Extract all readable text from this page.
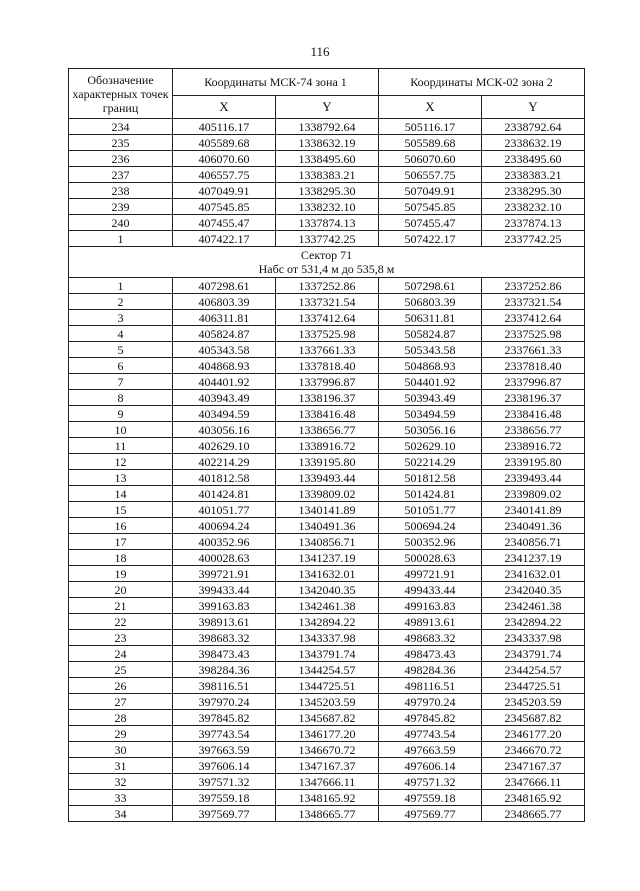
116
Обозначение характерных точек границ	Координаты МСК-74 зона 1		Координаты МСК-02 зона 2	
	X	Y	X	Y
234	405116.17	1338792.64	505116.17	2338792.64
235	405589.68	1338632.19	505589.68	2338632.19
236	406070.60	1338495.60	506070.60	2338495.60
237	406557.75	1338383.21	506557.75	2338383.21
238	407049.91	1338295.30	507049.91	2338295.30
239	407545.85	1338232.10	507545.85	2338232.10
240	407455.47	1337874.13	507455.47	2337874.13
1	407422.17	1337742.25	507422.17	2337742.25
Сектор 71
Набс от 531,4 м до 535,8 м				
1	407298.61	1337252.86	507298.61	2337252.86
2	406803.39	1337321.54	506803.39	2337321.54
3	406311.81	1337412.64	506311.81	2337412.64
4	405824.87	1337525.98	505824.87	2337525.98
5	405343.58	1337661.33	505343.58	2337661.33
6	404868.93	1337818.40	504868.93	2337818.40
7	404401.92	1337996.87	504401.92	2337996.87
8	403943.49	1338196.37	503943.49	2338196.37
9	403494.59	1338416.48	503494.59	2338416.48
10	403056.16	1338656.77	503056.16	2338656.77
11	402629.10	1338916.72	502629.10	2338916.72
12	402214.29	1339195.80	502214.29	2339195.80
13	401812.58	1339493.44	501812.58	2339493.44
14	401424.81	1339809.02	501424.81	2339809.02
15	401051.77	1340141.89	501051.77	2340141.89
16	400694.24	1340491.36	500694.24	2340491.36
17	400352.96	1340856.71	500352.96	2340856.71
18	400028.63	1341237.19	500028.63	2341237.19
19	399721.91	1341632.01	499721.91	2341632.01
20	399433.44	1342040.35	499433.44	2342040.35
21	399163.83	1342461.38	499163.83	2342461.38
22	398913.61	1342894.22	498913.61	2342894.22
23	398683.32	1343337.98	498683.32	2343337.98
24	398473.43	1343791.74	498473.43	2343791.74
25	398284.36	1344254.57	498284.36	2344254.57
26	398116.51	1344725.51	498116.51	2344725.51
27	397970.24	1345203.59	497970.24	2345203.59
28	397845.82	1345687.82	497845.82	2345687.82
29	397743.54	1346177.20	497743.54	2346177.20
30	397663.59	1346670.72	497663.59	2346670.72
31	397606.14	1347167.37	497606.14	2347167.37
32	397571.32	1347666.11	497571.32	2347666.11
33	397559.18	1348165.92	497559.18	2348165.92
34	397569.77	1348665.77	497569.77	2348665.77
